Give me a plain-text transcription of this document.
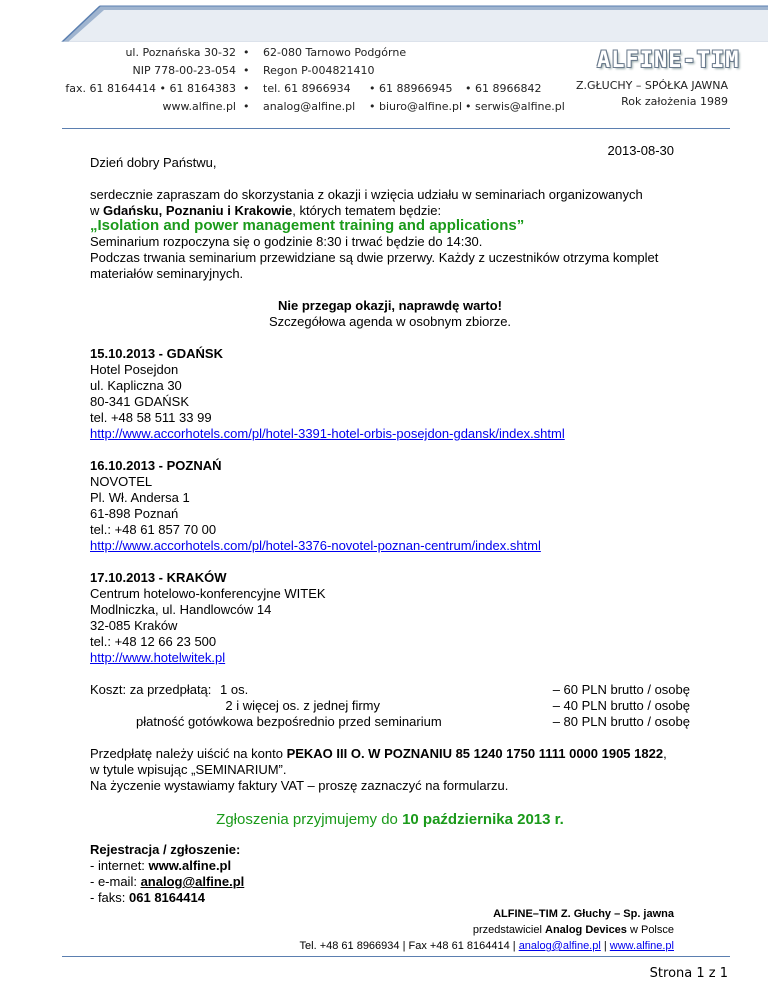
ul. Poznańska 30-32
NIP 778-00-23-054
fax. 61 8164414 • 61 8164383
www.alfine.pl
•
•
•
•
62-080 Tarnowo Podgórne
Regon P-004821410
tel. 61 8966934 • 61 88966945 • 61 8966842
analog@alfine.pl • biuro@alfine.pl • serwis@alfine.pl
ALFINE-TIM
Z.GŁUCHY – SPÓŁKA JAWNA
Rok założenia 1989
2013-08-30

Dzień dobry Państwu,

serdecznie zapraszam do skorzystania z okazji i wzięcia udziału w seminariach organizowanych

w Gdańsku, Poznaniu i Krakowie, których tematem będzie:

„Isolation and power management training and applications”

Seminarium rozpoczyna się o godzinie 8:30 i trwać będzie do 14:30.

Podczas trwania seminarium przewidziane są dwie przerwy. Każdy z uczestników otrzyma komplet

materiałów seminaryjnych.

Nie przegap okazji, naprawdę warto!

Szczegółowa agenda w osobnym zbiorze.

15.10.2013 - GDAŃSK

Hotel Posejdon

ul. Kapliczna 30

80-341 GDAŃSK

tel. +48 58 511 33 99

http://www.accorhotels.com/pl/hotel-3391-hotel-orbis-posejdon-gdansk/index.shtml

16.10.2013 - POZNAŃ

NOVOTEL

Pl. Wł. Andersa 1

61-898 Poznań

tel.: +48 61 857 70 00

http://www.accorhotels.com/pl/hotel-3376-novotel-poznan-centrum/index.shtml

17.10.2013 - KRAKÓW

Centrum hotelowo-konferencyjne WITEK

Modlniczka, ul. Handlowców 14

32-085 Kraków

tel.: +48 12 66 23 500

http://www.hotelwitek.pl

Koszt: za przedpłatą: 1 os.
2 i więcej os. z jednej firmy
płatność gotówkowa bezpośrednio przed seminarium
– 60 PLN brutto / osobę
– 40 PLN brutto / osobę
– 80 PLN brutto / osobę

Przedpłatę należy uiścić na konto PEKAO III O. W POZNANIU 85 1240 1750 1111 0000 1905 1822,

w tytule wpisując „SEMINARIUM”.

Na życzenie wystawiamy faktury VAT – proszę zaznaczyć na formularzu.

Zgłoszenia przyjmujemy do 10 października 2013 r.

Rejestracja / zgłoszenie:

- internet: www.alfine.pl

- e-mail: analog@alfine.pl

- faks: 061 8164414

ALFINE–TIM Z. Głuchy – Sp. jawna
przedstawiciel Analog Devices w Polsce
Tel. +48 61 8966934 | Fax +48 61 8164414 | analog@alfine.pl | www.alfine.pl
Strona 1 z 1
